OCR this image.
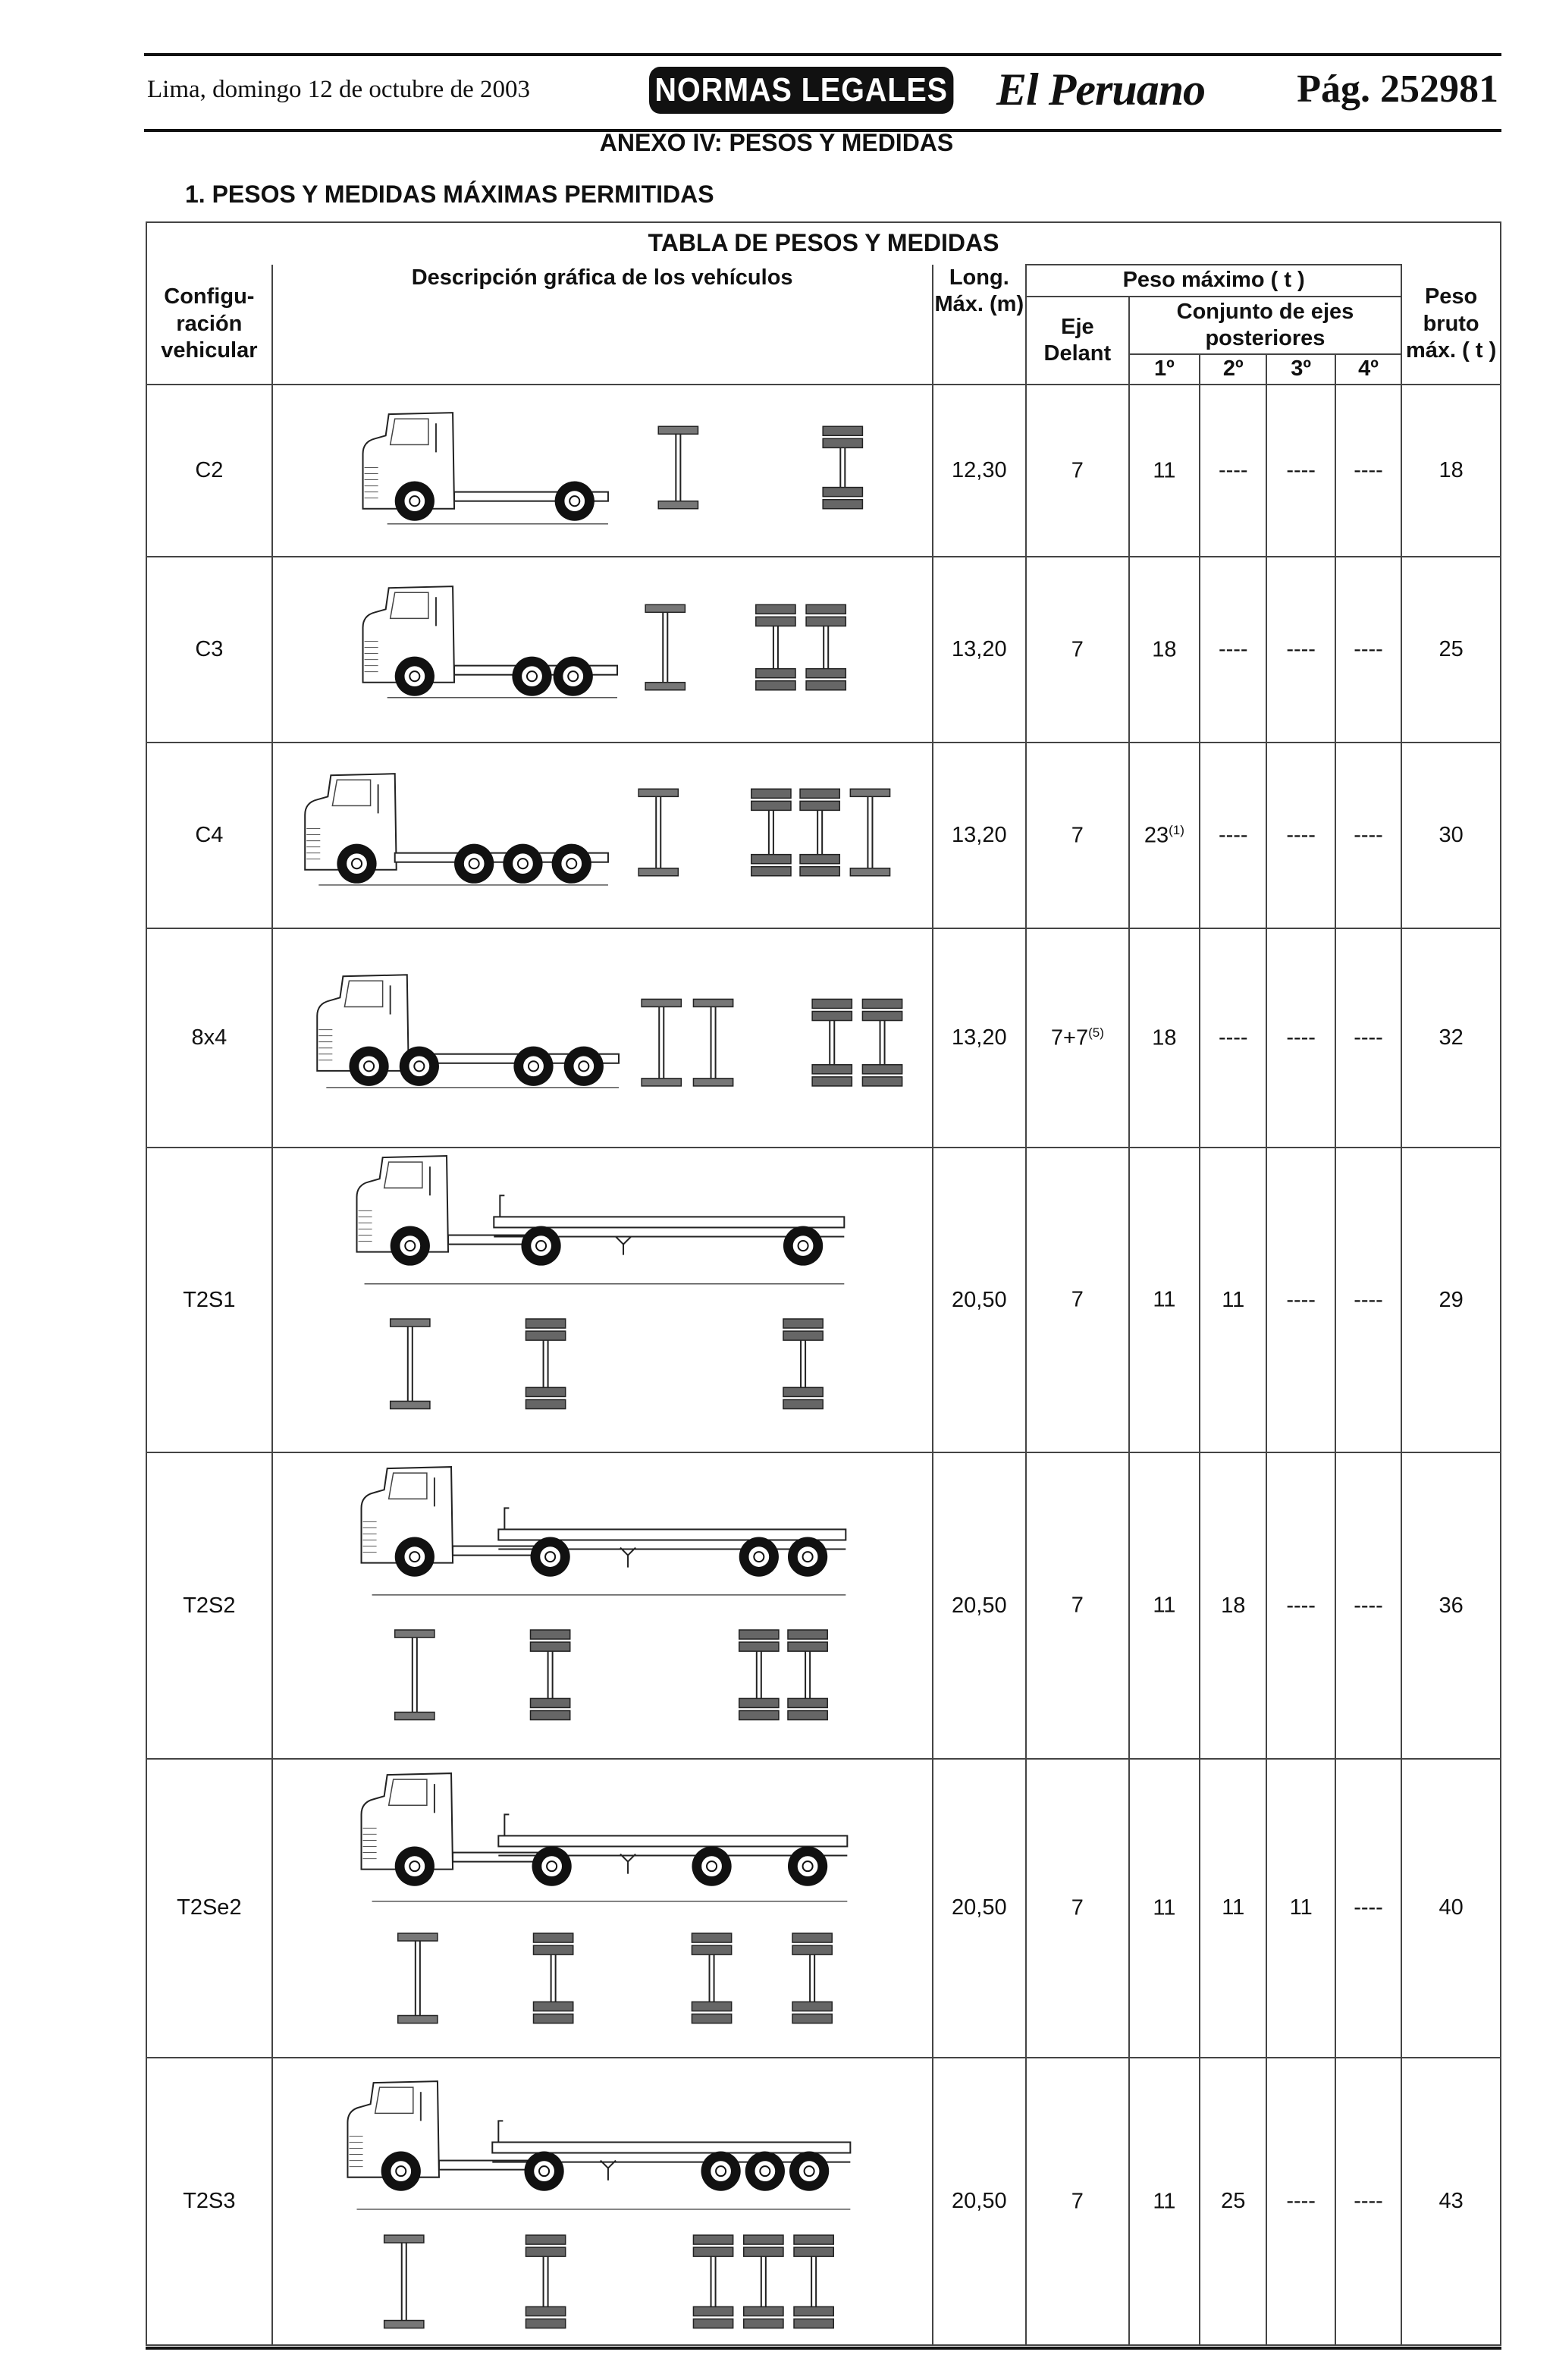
Lima, domingo 12 de octubre de 2003	NORMAS LEGALES El Peruano Pág. 252981
ANEXO IV: PESOS Y MEDIDAS
1. PESOS Y MEDIDAS MÁXIMAS PERMITIDAS
TABLA DE PESOS Y MEDIDAS								
Configu- ración vehicular	Descripción gráfica de los vehículos	Long. Máx. (m)	Peso máximo ( t )					Peso bruto máx. ( t )
			Eje Delant	Conjunto de ejes posteriores				
				1º	2º	3º	4º	
C2		12,30	7	11	----	----	----	18
C3		13,20	7	18	----	----	----	25
C4		13,20	7	23$^{(1)}$	----	----	----	30
8x4		13,20	$7+7^{(5)}$	18	----	----	----	32
T2S1		20,50	7	11	11	----	----	29
T2S2		20,50	7	11	18	----	----	36
T2Se2		20,50	7	11	11	11	----	40
T2S3		20,50	7	11	25	----	----	43
